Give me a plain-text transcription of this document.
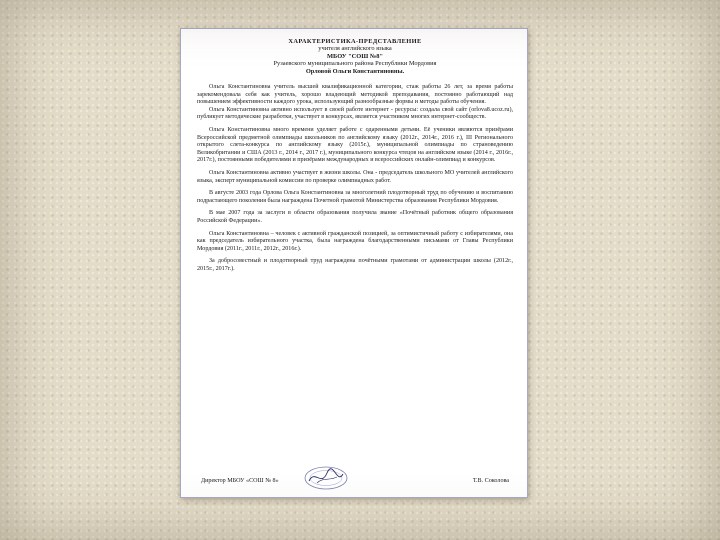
ХАРАКТЕРИСТИКА-ПРЕДСТАВЛЕНИЕ
учителя английского языка
МБОУ "СОШ №8"
Рузаевского муниципального района Республики Мордовия
Орловой Ольги Константиновны.

Ольга Константиновна учитель высшей квалификационной категории, стаж работы 26 лет, за время работы зарекомендовала себя как учитель, хорошо владеющий методикой преподавания, постоянно работающий над повышением эффективности каждого урока, использующий разнообразные формы и методы работы обучения.

Ольга Константиновна активно использует в своей работе интернет - ресурсы: создала свой сайт (orlova8.ucoz.ru), публикует методические разработки, участвует в конкурсах, является участником многих интернет-сообществ.

Ольга Константиновна много времени уделяет работе с одаренными детьми. Её ученики являются призёрами Всероссийской предметной олимпиады школьников по английскому языку (2012г., 2014г., 2016 г.), III Регионального открытого слета-конкурса по английскому языку (2015г.), муниципальной олимпиады по страноведению Великобритании и США (2013 г., 2014 г., 2017 г.), муниципального конкурса чтецов на английском языке (2014 г., 2016г., 2017г.), постоянными победителями и призёрами международных и всероссийских онлайн-олимпиад и конкурсов.

Ольга Константиновна активно участвует в жизни школы. Она - председатель школьного МО учителей английского языка, эксперт муниципальной комиссии по проверке олимпиадных работ.

В августе 2003 года Орлова Ольга Константиновна за многолетний плодотворный труд по обучению и воспитанию подрастающего поколения была награждена Почетной грамотой Министерства образования Республики Мордовия.

В мае 2007 года за заслуги в области образования получила звание «Почётный работник общего образования Российской Федерации».

Ольга Константиновна – человек с активной гражданской позицией, за оптимистичный работу с избирателями, она как председатель избирательного участка, была награждена благодарственными письмами от Главы Республики Мордовия (2011г., 2011г., 2012г., 2016г.).

За добросовестный и плодотворный труд награждена почётными грамотами от администрации школы (2012г., 2015г., 2017г.).

Директор МБОУ «СОШ № 8»	Т.В. Соколова
